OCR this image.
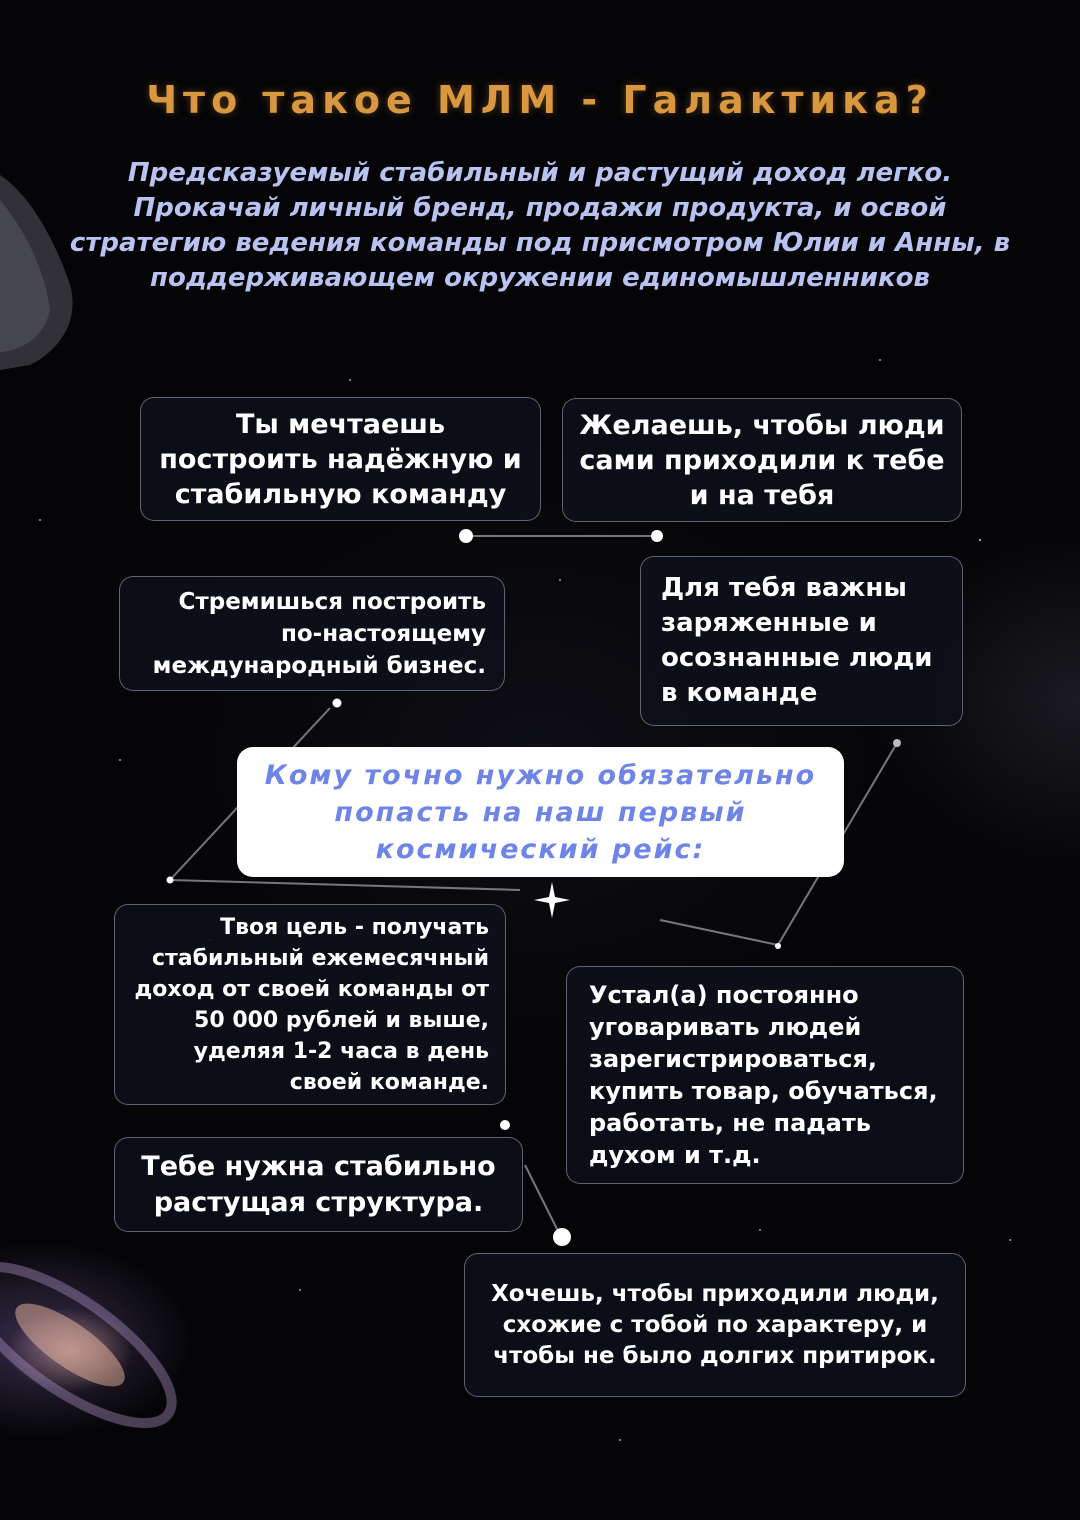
Что такое МЛМ - Галактика?
Предсказуемый стабильный и растущий доход легко. Прокачай личный бренд, продажи продукта, и освой стратегию ведения команды под присмотром Юлии и Анны, в поддерживающем окружении единомышленников
Ты мечтаешь построить надёжную и стабильную команду
Желаешь, чтобы люди сами приходили к тебе и на тебя
Стремишься построить по-настоящему международный бизнес.
Для тебя важны заряженные и осознанные люди в команде
Кому точно нужно обязательно попасть на наш первый космический рейс:
Твоя цель - получать стабильный ежемесячный доход от своей команды от 50 000 рублей и выше, уделяя 1-2 часа в день своей команде.
Устал(а) постоянно уговаривать людей зарегистрироваться, купить товар, обучаться, работать, не падать духом и т.д.
Тебе нужна стабильно растущая структура.
Хочешь, чтобы приходили люди, схожие с тобой по характеру, и чтобы не было долгих притирок.
